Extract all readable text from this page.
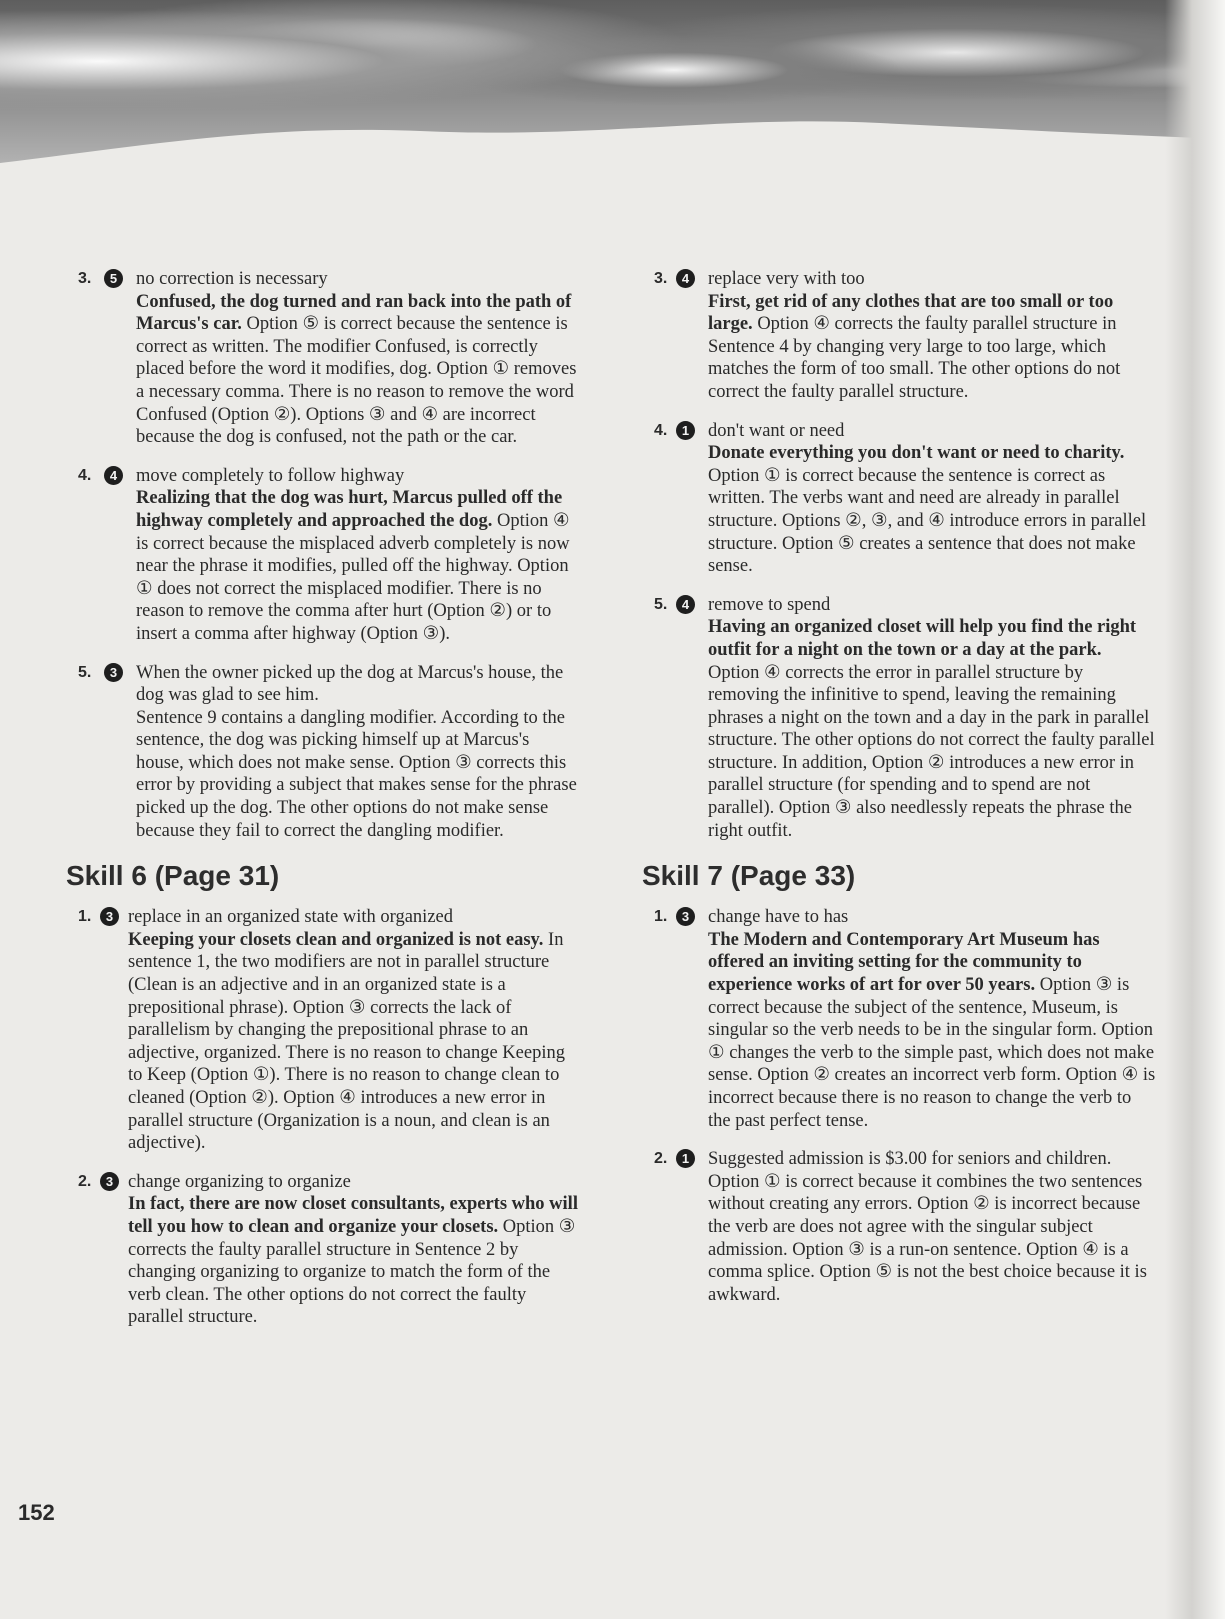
3.	5	no correction is necessary
Confused, the dog turned and ran back into the path of Marcus's car. Option ⑤ is correct because the sentence is correct as written. The modifier Confused, is correctly placed before the word it modifies, dog. Option ① removes a necessary comma. There is no reason to remove the word Confused (Option ②). Options ③ and ④ are incorrect because the dog is confused, not the path or the car.
4.	4	move completely to follow highway
Realizing that the dog was hurt, Marcus pulled off the highway completely and approached the dog. Option ④ is correct because the misplaced adverb completely is now near the phrase it modifies, pulled off the highway. Option ① does not correct the misplaced modifier. There is no reason to remove the comma after hurt (Option ②) or to insert a comma after highway (Option ③).
5.	3	When the owner picked up the dog at Marcus's house, the dog was glad to see him.
Sentence 9 contains a dangling modifier. According to the sentence, the dog was picking himself up at Marcus's house, which does not make sense. Option ③ corrects this error by providing a subject that makes sense for the phrase picked up the dog. The other options do not make sense because they fail to correct the dangling modifier.
Skill 6 (Page 31)
1.	3 replace in an organized state with organized
Keeping your closets clean and organized is not easy. In sentence 1, the two modifiers are not in parallel structure (Clean is an adjective and in an organized state is a prepositional phrase). Option ③ corrects the lack of parallelism by changing the prepositional phrase to an adjective, organized. There is no reason to change Keeping to Keep (Option ①). There is no reason to change clean to cleaned (Option ②). Option ④ introduces a new error in parallel structure (Organization is a noun, and clean is an adjective).
2.	3 change organizing to organize
In fact, there are now closet consultants, experts who will tell you how to clean and organize your closets. Option ③ corrects the faulty parallel structure in Sentence 2 by changing organizing to organize to match the form of the verb clean. The other options do not correct the faulty parallel structure.
3.	4	replace very with too
First, get rid of any clothes that are too small or too large. Option ④ corrects the faulty parallel structure in Sentence 4 by changing very large to too large, which matches the form of too small. The other options do not correct the faulty parallel structure.
4.	1	don't want or need
Donate everything you don't want or need to charity. Option ① is correct because the sentence is correct as written. The verbs want and need are already in parallel structure. Options ②, ③, and ④ introduce errors in parallel structure. Option ⑤ creates a sentence that does not make sense.
5.	4	remove to spend
Having an organized closet will help you find the right outfit for a night on the town or a day at the park. Option ④ corrects the error in parallel structure by removing the infinitive to spend, leaving the remaining phrases a night on the town and a day in the park in parallel structure. The other options do not correct the faulty parallel structure. In addition, Option ② introduces a new error in parallel structure (for spending and to spend are not parallel). Option ③ also needlessly repeats the phrase the right outfit.
Skill 7 (Page 33)
1.	3	change have to has
The Modern and Contemporary Art Museum has offered an inviting setting for the community to experience works of art for over 50 years. Option ③ is correct because the subject of the sentence, Museum, is singular so the verb needs to be in the singular form. Option ① changes the verb to the simple past, which does not make sense. Option ② creates an incorrect verb form. Option ④ is incorrect because there is no reason to change the verb to the past perfect tense.
2.	1	Suggested admission is $3.00 for seniors and children.
Option ① is correct because it combines the two sentences without creating any errors. Option ② is incorrect because the verb are does not agree with the singular subject admission. Option ③ is a run-on sentence. Option ④ is a comma splice. Option ⑤ is not the best choice because it is awkward.
152
